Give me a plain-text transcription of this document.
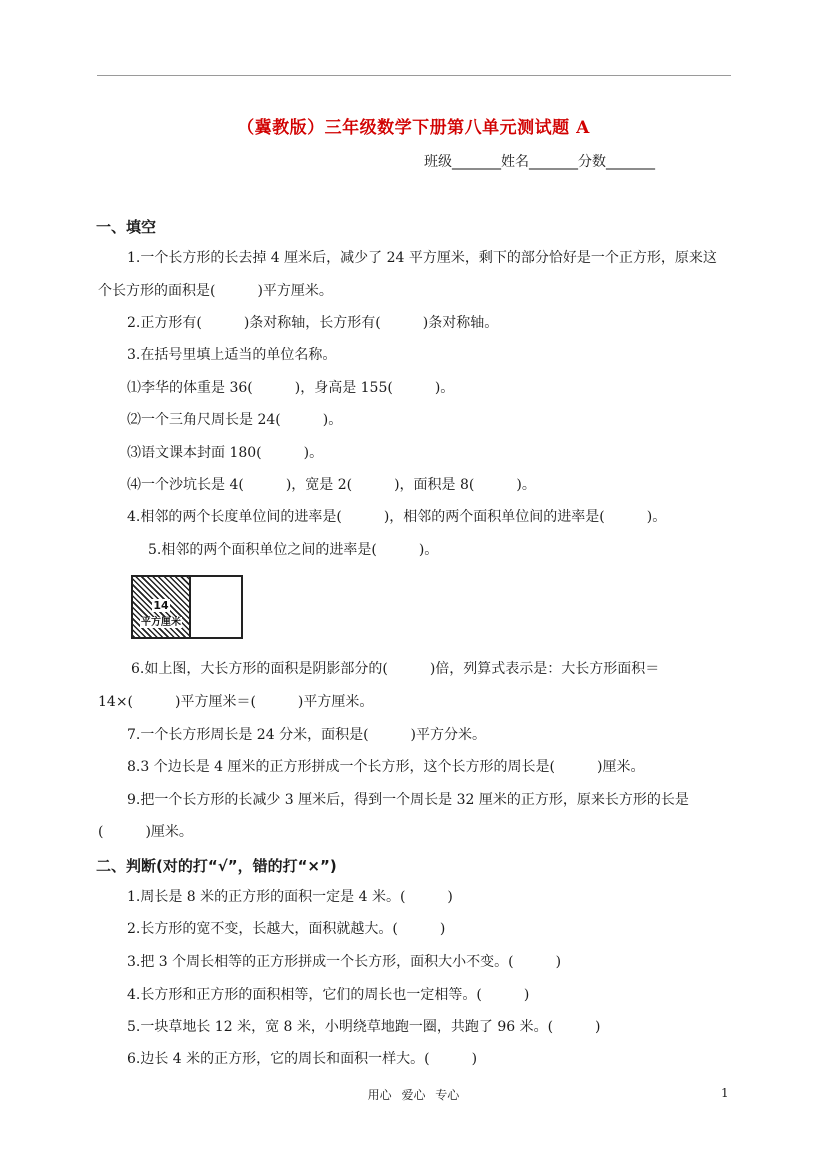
（冀教版）三年级数学下册第八单元测试题 A
班级_______姓名_______分数_______
一、填空
1.一个长方形的长去掉 4 厘米后，减少了 24 平方厘米，剩下的部分恰好是一个正方形，原来这
个长方形的面积是(　　　)平方厘米。
2.正方形有(　　　)条对称轴，长方形有(　　　)条对称轴。
3.在括号里填上适当的单位名称。
⑴李华的体重是 36(　　　)，身高是 155(　　　)。
⑵一个三角尺周长是 24(　　　)。
⑶语文课本封面 180(　　　)。
⑷一个沙坑长是 4(　　　)，宽是 2(　　　)，面积是 8(　　　)。
4.相邻的两个长度单位间的进率是(　　　)，相邻的两个面积单位间的进率是(　　　)。
5.相邻的两个面积单位之间的进率是(　　　)。
14
平方厘米
6.如上图，大长方形的面积是阴影部分的(　　　)倍，列算式表示是：大长方形面积＝
14×(　　　)平方厘米＝(　　　)平方厘米。
7.一个长方形周长是 24 分米，面积是(　　　)平方分米。
8.3 个边长是 4 厘米的正方形拼成一个长方形，这个长方形的周长是(　　　)厘米。
9.把一个长方形的长减少 3 厘米后，得到一个周长是 32 厘米的正方形，原来长方形的长是
(　　　)厘米。
二、判断(对的打“√”，错的打“×”)
1.周长是 8 米的正方形的面积一定是 4 米。(　　　)
2.长方形的宽不变，长越大，面积就越大。(　　　)
3.把 3 个周长相等的正方形拼成一个长方形，面积大小不变。(　　　)
4.长方形和正方形的面积相等，它们的周长也一定相等。(　　　)
5.一块草地长 12 米，宽 8 米，小明绕草地跑一圈，共跑了 96 米。(　　　)
6.边长 4 米的正方形，它的周长和面积一样大。(　　　)
用心 爱心 专心	1
